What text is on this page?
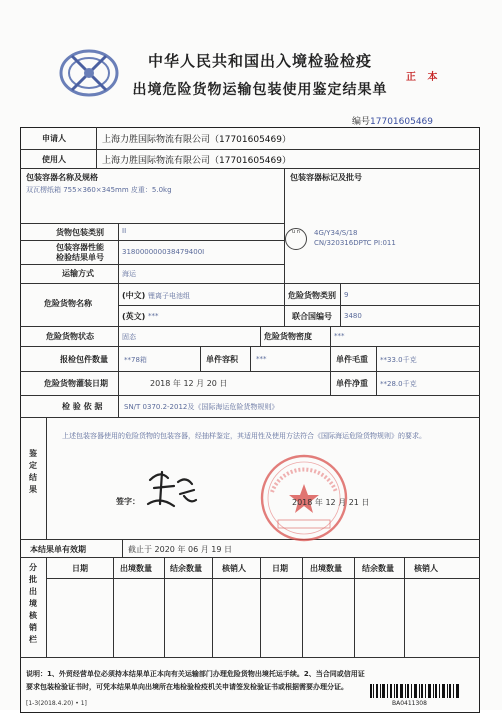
中华人民共和国出入境检验检疫
出境危险货物运输包装使用鉴定结果单
正 本
编号17701605469
申请人	上海力胜国际物流有限公司（17701605469）
使用人	上海力胜国际物流有限公司（17701605469）
包装容器名称及规格
双瓦楞纸箱 755×360×345mm 皮重：5.0kg
包装容器标记及批号
u n	4G/Y34/S/18
CN/320316DPTC PI:011
货物包装类别	II
包装容器性能
检验结果单号
318000000038479400I
运输方式	海运
危险货物名称
(中文) 锂离子电池组
(英文) ***
危险货物类别 9
联合国编号 3480
危险货物状态	固态	危险货物密度	***
报检包件数量 **78箱	单件容积	***	单件毛重 **33.0千克
危险货物灌装日期	2018 年 12 月 20 日	单件净重 **28.0千克
检 验 依 据	SN/T 0370.2-2012及《国际海运危险货物规则》
鉴定结果
上述包装容器使用的危险货物的包装容器，经抽样鉴定，其适用性及使用方法符合《国际海运危险货物规则》的要求。
签字：	2018 年 12 月 21 日
本结果单有效期	截止于 2020 年 06 月 19 日
分批出境核销栏
日期	出境数量 结余数量	核销人	日期	出境数量	结余数量	核销人
说明：1、外贸经营单位必须持本结果单正本向有关运输部门办理危险货物出境托运手续。2、当合同或信用证
要求包装检验证书时，可凭本结果单向出境所在地检验检疫机关申请签发检验证书或根据需要办理分证。
[1-3(2018.4.20) • 1]	BA0411308
